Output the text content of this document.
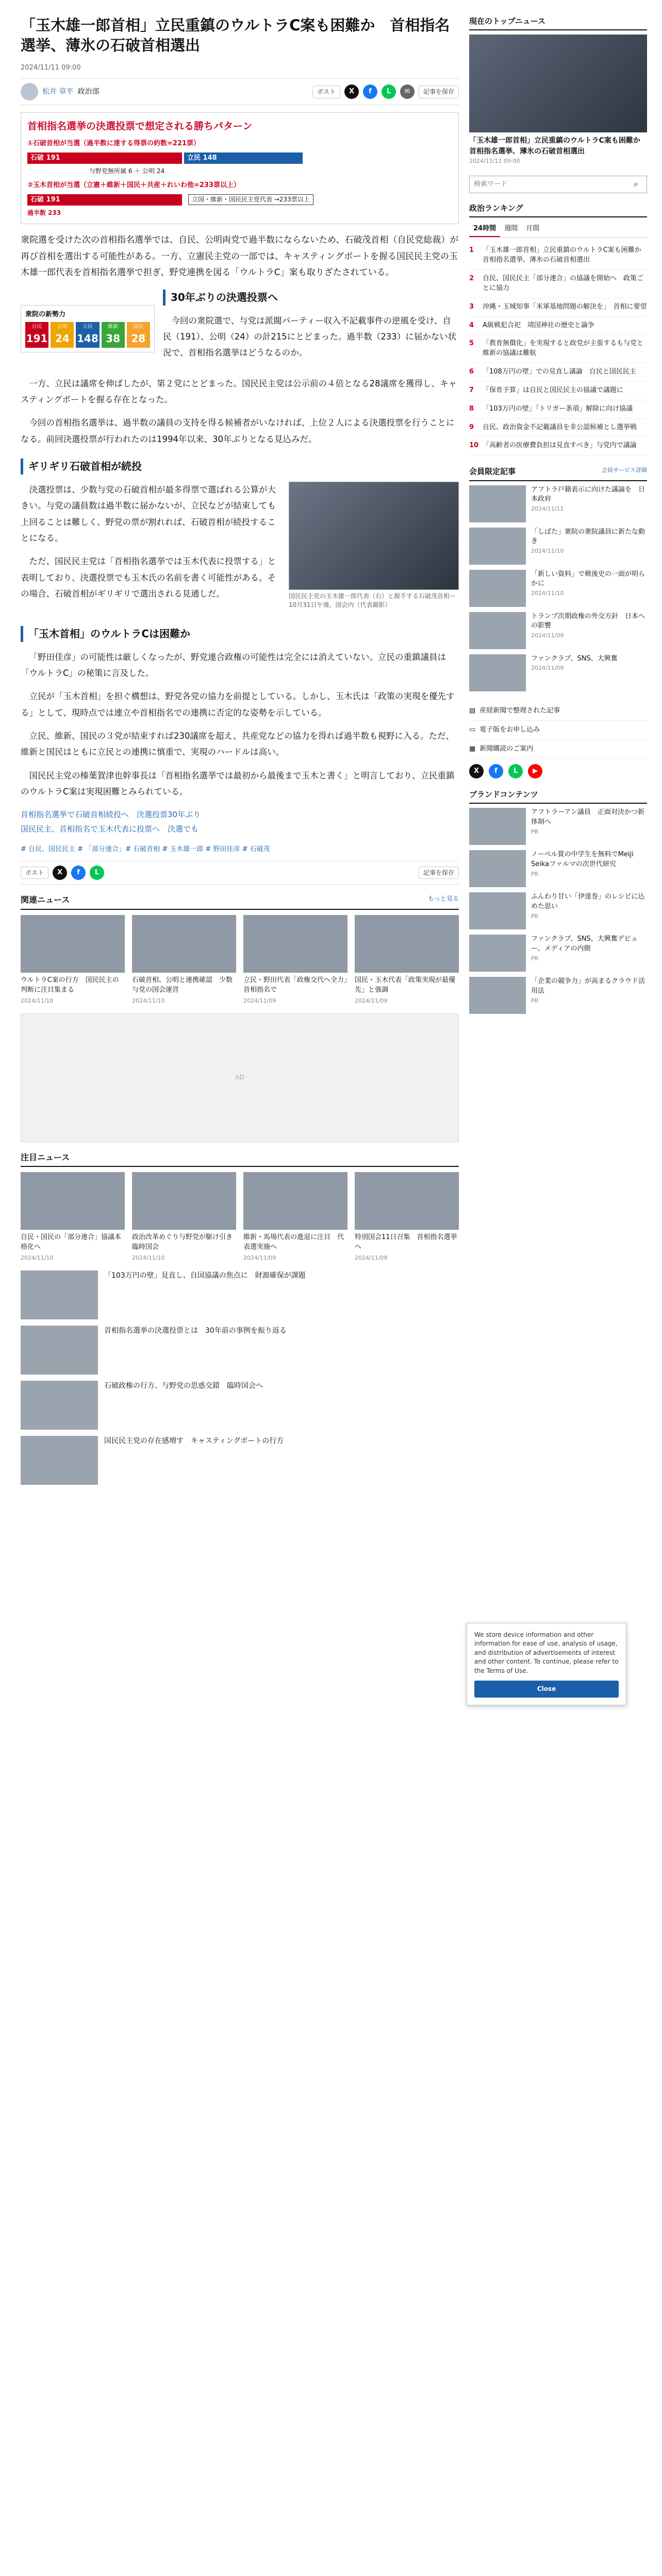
「玉木雄一郎首相」立民重鎮のウルトラC案も困難か　首相指名選挙、薄氷の石破首相選出
2024/11/11 09:00
松井 章平 政治部	ポスト	X	f	L	✉	記事を保存
首相指名選挙の決選投票で想定される勝ちパターン
①石破首相が当選（過半数に達する得票の約数=221票）
石破 191	立民 148
与野党無所属 6 ＋ 公明 24
②玉木首相が当選（立憲＋維新＋国民＋共産＋れいわ他=233票以上）
石破 191	立国・維新・国民民主党代表 →233票以上
過半数 233

衆院選を受けた次の首相指名選挙では、自民、公明両党で過半数にならないため、石破茂首相（自民党総裁）が再び首相を選出する可能性がある。一方、立憲民主党の一部では、キャスティングボートを握る国民民主党の玉木雄一郎代表を首相指名選挙で担ぎ、野党連携を図る「ウルトラC」案も取りざたされている。

衆院の新勢力
自民
191
公明
24
立民
148
維新
38
国民
28
30年ぶりの決選投票へ

今回の衆院選で、与党は派閥パーティー収入不記載事件の逆風を受け、自民（191）、公明（24）の計215にとどまった。過半数（233）に届かない状況で、首相指名選挙はどうなるのか。

一方、立民は議席を伸ばしたが、第２党にとどまった。国民民主党は公示前の４倍となる28議席を獲得し、キャスティングボートを握る存在となった。

今回の首相指名選挙は、過半数の議員の支持を得る候補者がいなければ、上位２人による決選投票を行うことになる。前回決選投票が行われたのは1994年以来、30年ぶりとなる見込みだ。

ギリギリ石破首相が続投
国民民主党の玉木雄一郎代表（右）と握手する石破茂首相＝10月31日午後、国会内（代表撮影）

決選投票は、少数与党の石破首相が最多得票で選ばれる公算が大きい。与党の議員数は過半数に届かないが、立民などが結束しても上回ることは難しく、野党の票が割れれば、石破首相が続投することになる。

ただ、国民民主党は「首相指名選挙では玉木代表に投票する」と表明しており、決選投票でも玉木氏の名前を書く可能性がある。その場合、石破首相がギリギリで選出される見通しだ。

「玉木首相」のウルトラCは困難か

「野田佳彦」の可能性は厳しくなったが、野党連合政権の可能性は完全には消えていない。立民の重鎮議員は「ウルトラC」の秘策に言及した。

立民が「玉木首相」を担ぐ構想は、野党各党の協力を前提としている。しかし、玉木氏は「政策の実現を優先する」として、現時点では連立や首相指名での連携に否定的な姿勢を示している。

立民、維新、国民の３党が結束すれば230議席を超え、共産党などの協力を得れば過半数も視野に入る。ただ、維新と国民はともに立民との連携に慎重で、実現のハードルは高い。

国民民主党の榛葉賀津也幹事長は「首相指名選挙では最初から最後まで玉木と書く」と明言しており、立民重鎮のウルトラC案は実現困難とみられている。

首相指名選挙で石破首相続投へ　決選投票30年ぶり
国民民主、首相指名で玉木代表に投票へ　決選でも
# 自民、国民民主 # 「部分連合」# 石破首相 # 玉木雄一郎 # 野田佳彦 # 石破茂
ポスト	X	f	L	記事を保存
関連ニュース	もっと見る
ウルトラC案の行方　国民民主の判断に注目集まる
2024/11/10
石破首相、公明と連携確認　少数与党の国会運営
2024/11/10
立民・野田代表「政権交代へ全力」　首相指名で
2024/11/09
国民・玉木代表「政策実現が最優先」と強調
2024/11/09
AD
注目ニュース
自民・国民の「部分連合」協議本格化へ
2024/11/10
政治改革めぐり与野党が駆け引き　臨時国会
2024/11/10
維新・馬場代表の進退に注目　代表選実施へ
2024/11/09
特別国会11日召集　首相指名選挙へ
2024/11/09
「103万円の壁」見直し、自国協議の焦点に　財源確保が課題
首相指名選挙の決選投票とは　30年前の事例を振り返る
石破政権の行方、与野党の思惑交錯　臨時国会へ
国民民主党の存在感増す　キャスティングボートの行方
現在のトップニュース
「玉木雄一郎首相」立民重鎮のウルトラC案も困難か　首相指名選挙、薄氷の石破首相選出
2024/11/11 09:00
検索ワード
⌕
政治ランキング
24時間	週間	月間
1	「玉木雄一郎首相」立民重鎮のウルトラC案も困難か　首相指名選挙、薄氷の石破首相選出
2	自民、国民民主「部分連合」の協議を開始へ　政策ごとに協力
3	沖縄・玉城知事「米軍基地問題の解決を」　首相に要望
4	A級戦犯合祀　靖国神社の歴史と論争
5	「教育無償化」を実現すると政党が主張するも与党と維新の協議は難航
6	「108万円の壁」での見直し議論　自民と国民民主
7	「保育予算」は自民と国民民主の協議で議題に
8	「103万円の壁」「トリガー条項」解除に向け協議
9	自民、政治資金不記載議員を非公認候補とし選挙戦
10 「高齢者の医療費負担は見直すべき」与党内で議論
会員限定記事	会員サービス詳細
アフトラ戸籍表示に向けた議論を　日本政府
2024/11/11
「しばた」衆院の衆院議員に新たな動き
2024/11/10
「新しい資料」で戦後史の一面が明らかに
2024/11/10
トランプ次期政権の外交方針　日本への影響
2024/11/09
ファンクラブ、SNS、大興奮
2024/11/09
▤ 産経新聞で整理された記事
▭ 電子版をお申し込み
▦ 新聞購読のご案内
X	f	L	▶
ブランドコンテンツ
アフトラーアン議員　正面対決かつ新体制へ
PR
ノーベル賞の中学生を無料でMeiji Seikaファルマの次世代研究
PR
ふんわり甘い「伊達巻」のレシピに込めた思い
PR
ファンクラブ、SNS、大興奮デビュー、メディアの内側
PR
「企業の競争力」が高まるクラウド活用法
PR
We store device information and other information for ease of use, analysis of usage, and distribution of advertisements of interest and other content. To continue, please refer to the Terms of Use.
Close
